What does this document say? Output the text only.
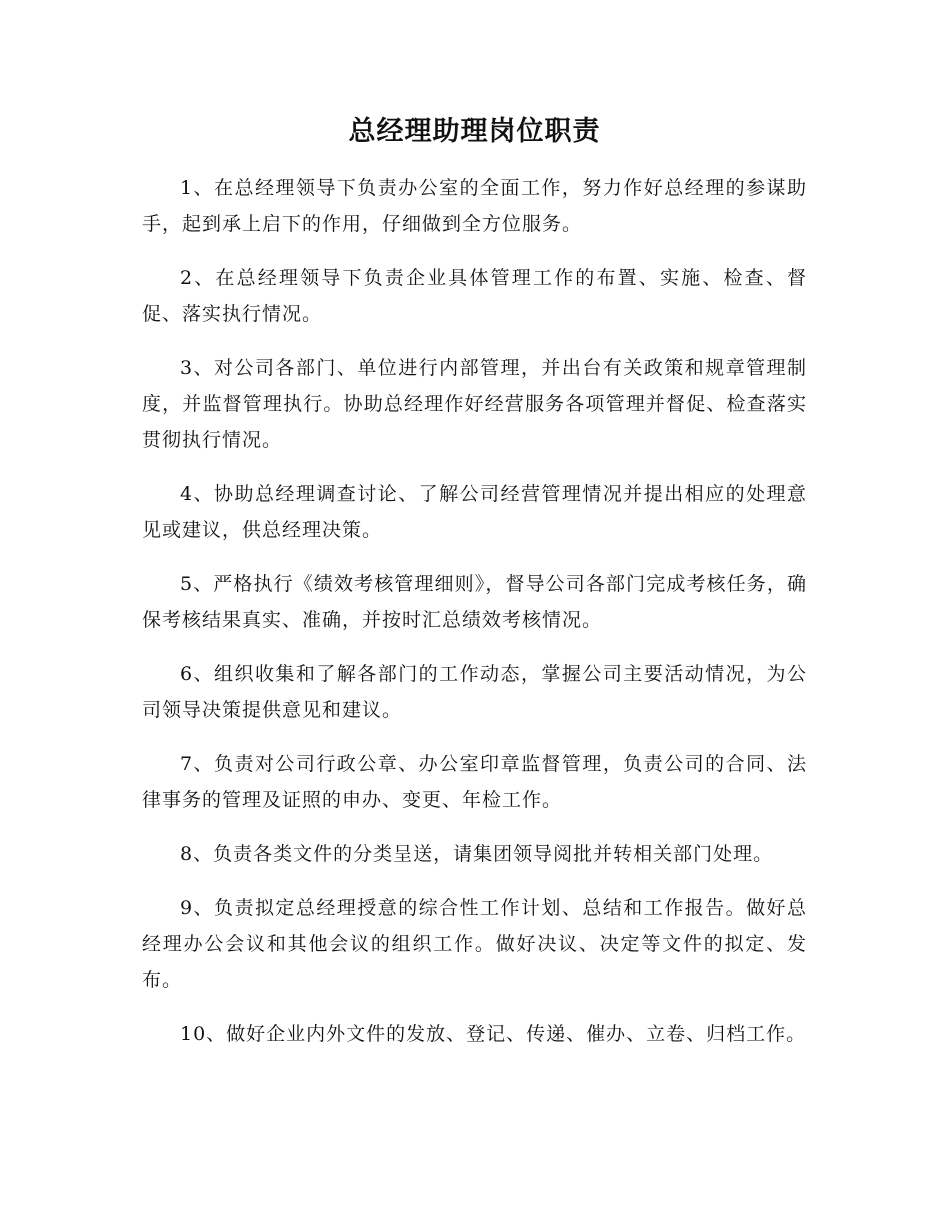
总经理助理岗位职责

1、在总经理领导下负责办公室的全面工作，努力作好总经理的参谋助手，起到承上启下的作用，仔细做到全方位服务。

2、在总经理领导下负责企业具体管理工作的布置、实施、检查、督促、落实执行情况。

3、对公司各部门、单位进行内部管理，并出台有关政策和规章管理制度，并监督管理执行。协助总经理作好经营服务各项管理并督促、检查落实贯彻执行情况。

4、协助总经理调查讨论、了解公司经营管理情况并提出相应的处理意见或建议，供总经理决策。

5、严格执行《绩效考核管理细则》，督导公司各部门完成考核任务，确保考核结果真实、准确，并按时汇总绩效考核情况。

6、组织收集和了解各部门的工作动态，掌握公司主要活动情况，为公司领导决策提供意见和建议。

7、负责对公司行政公章、办公室印章监督管理，负责公司的合同、法律事务的管理及证照的申办、变更、年检工作。

8、负责各类文件的分类呈送，请集团领导阅批并转相关部门处理。

9、负责拟定总经理授意的综合性工作计划、总结和工作报告。做好总经理办公会议和其他会议的组织工作。做好决议、决定等文件的拟定、发布。

10、做好企业内外文件的发放、登记、传递、催办、立卷、归档工作。
